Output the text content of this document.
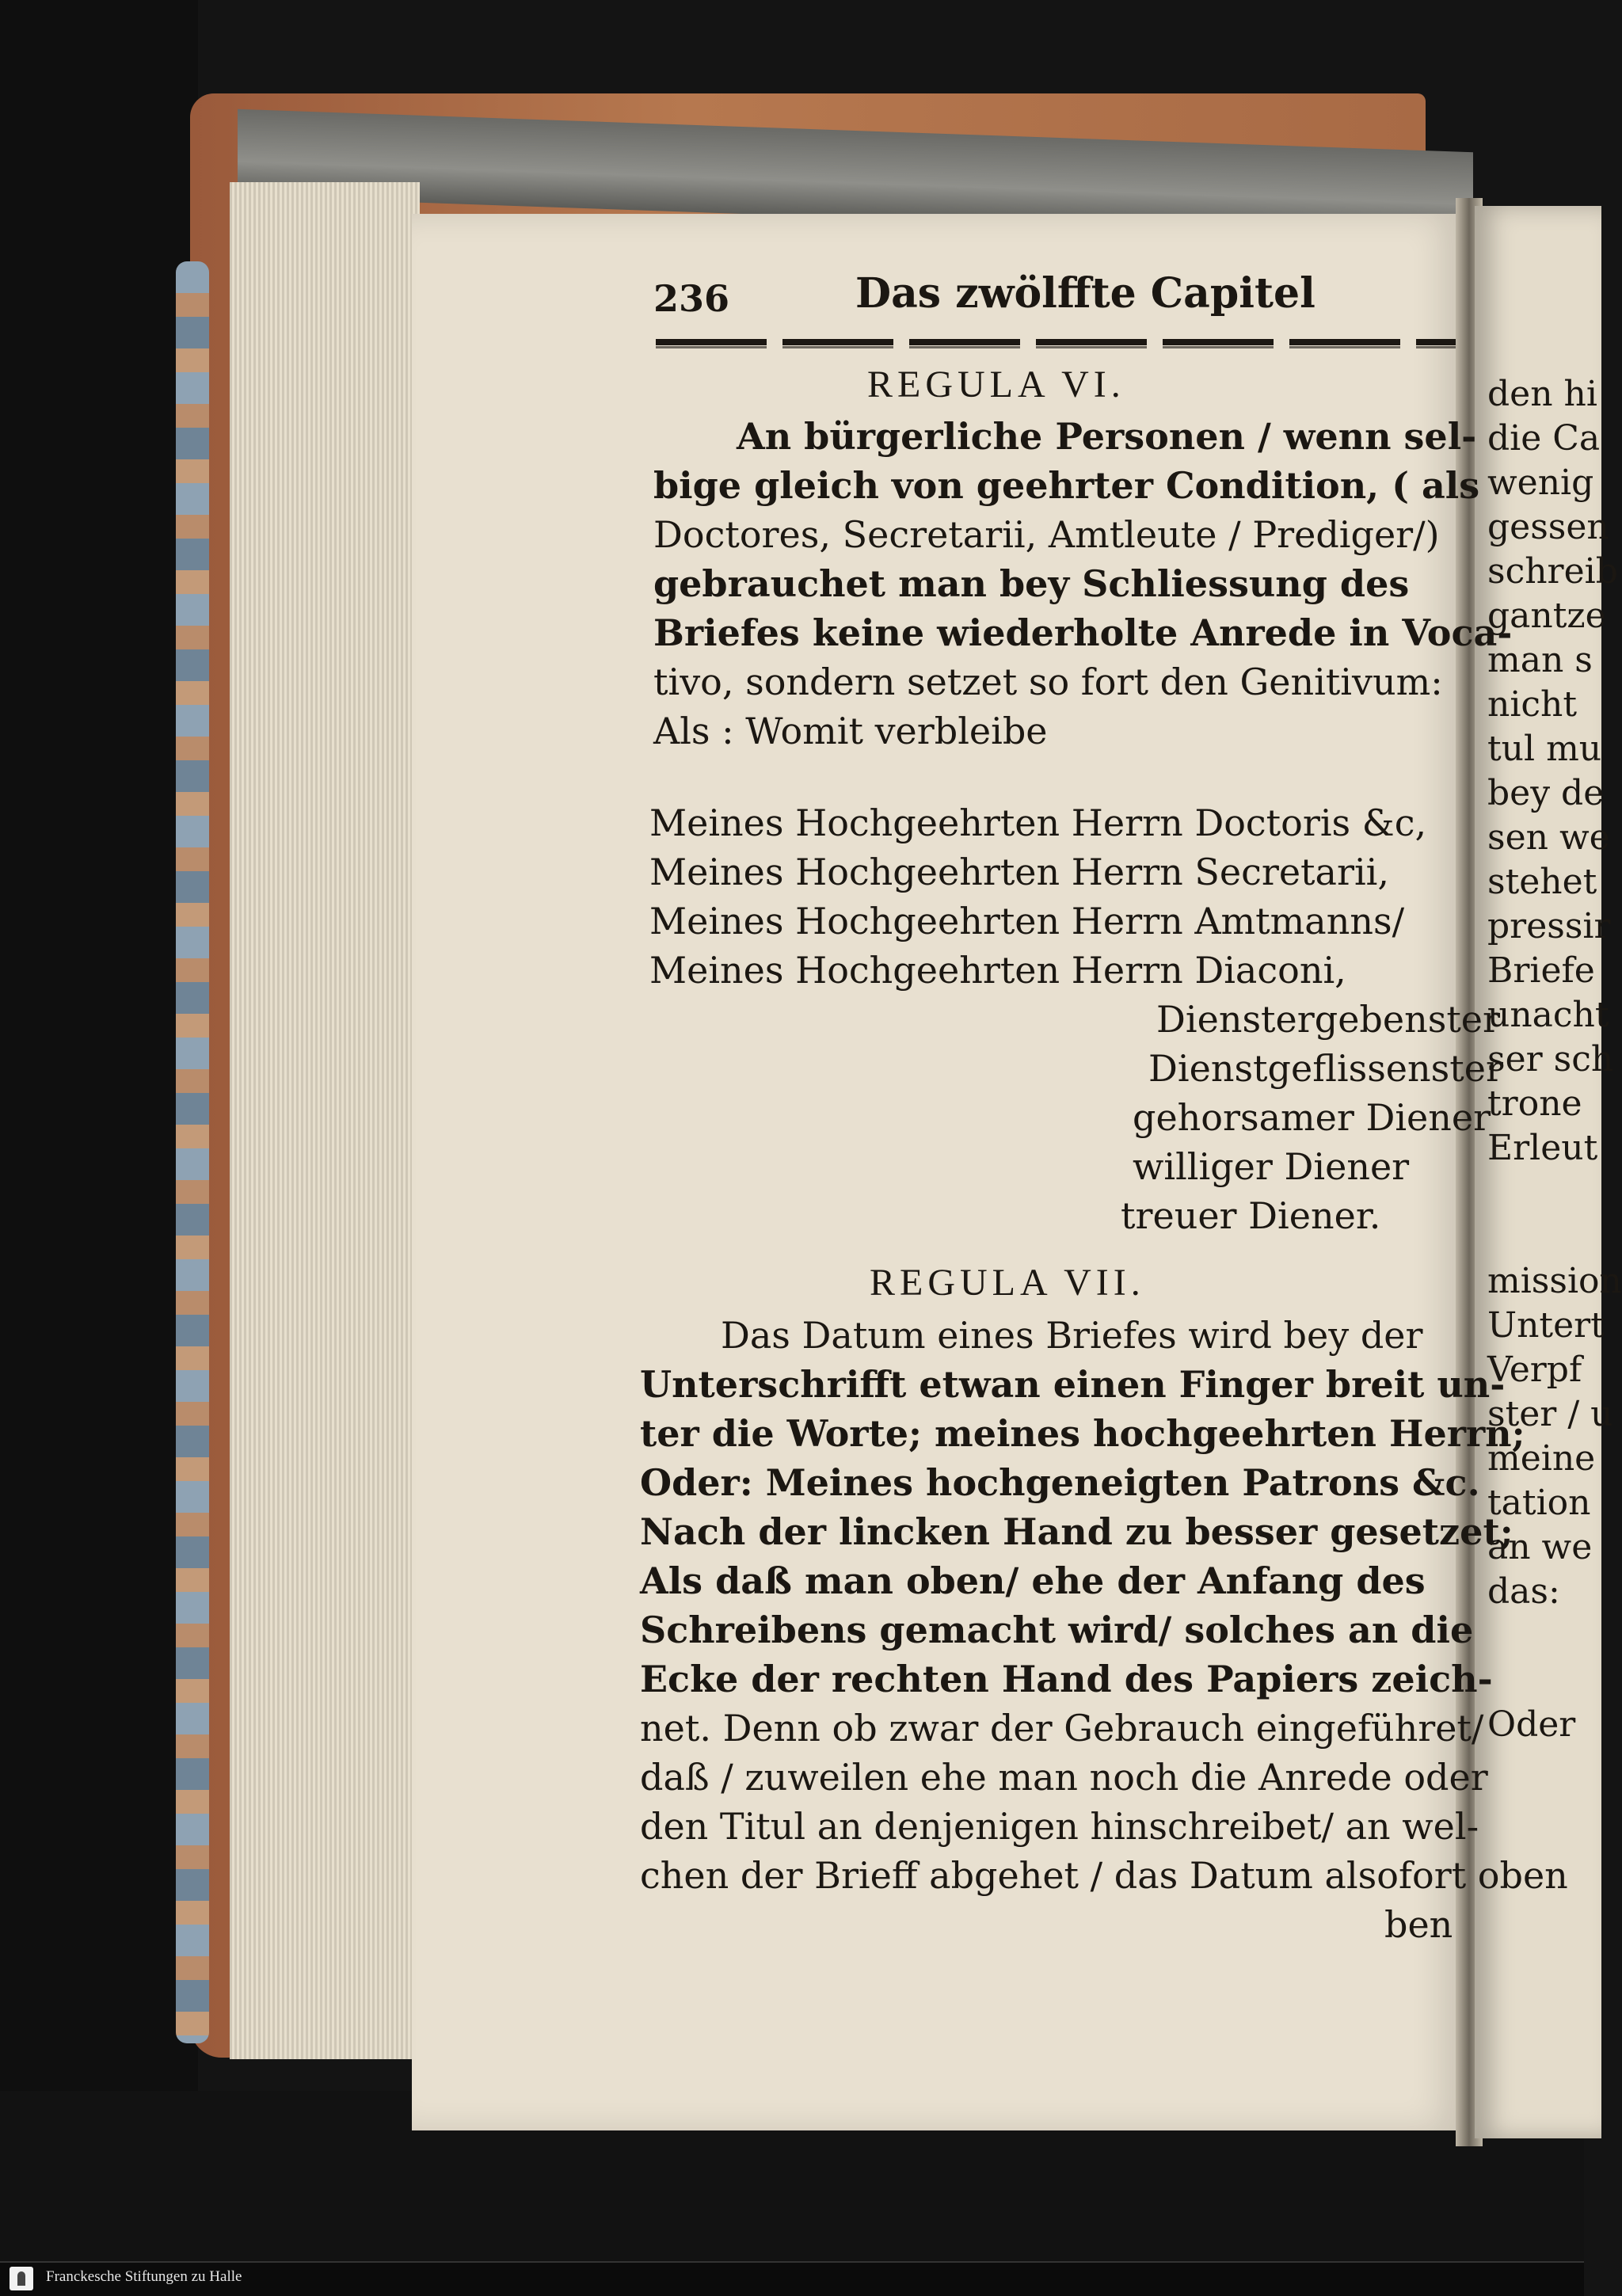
236	Das zwölffte Capitel
REGULA VI.
An bürgerliche Personen / wenn sel-
bige gleich von geehrter Condition, ( als
Doctores, Secretarii, Amtleute / Prediger/)
gebrauchet man bey Schliessung des
Briefes keine wiederholte Anrede in Voca-
tivo, sondern setzet so fort den Genitivum:
Als : Womit verbleibe
Meines Hochgeehrten Herrn Doctoris &c,
Meines Hochgeehrten Herrn Secretarii,
Meines Hochgeehrten Herrn Amtmanns/
Meines Hochgeehrten Herrn Diaconi,
Dienstergebenster
Dienstgeflissenster
gehorsamer Diener
williger Diener
treuer Diener.
REGULA VII.
Das Datum eines Briefes wird bey der
Unterschrifft etwan einen Finger breit un-
ter die Worte; meines hochgeehrten Herrn;
Oder: Meines hochgeneigten Patrons &c.
Nach der lincken Hand zu besser gesetzet;
Als daß man oben/ ehe der Anfang des
Schreibens gemacht wird/ solches an die
Ecke der rechten Hand des Papiers zeich-
net. Denn ob zwar der Gebrauch eingeführet/
daß / zuweilen ehe man noch die Anrede oder
den Titul an denjenigen hinschreibet/ an wel-
chen der Brieff abgehet / das Datum alsofort oben
ben
den hi
die Ca
wenig
gessen
schreib
gantze
man s
nicht
tul mu
bey de
sen we
stehet
pressir
Briefe
unacht
ser sch
trone
Erleut

mission
Untert
Verpf
ster / u
meine
tation
an we
das:

Oder
Franckesche Stiftungen zu Halle
